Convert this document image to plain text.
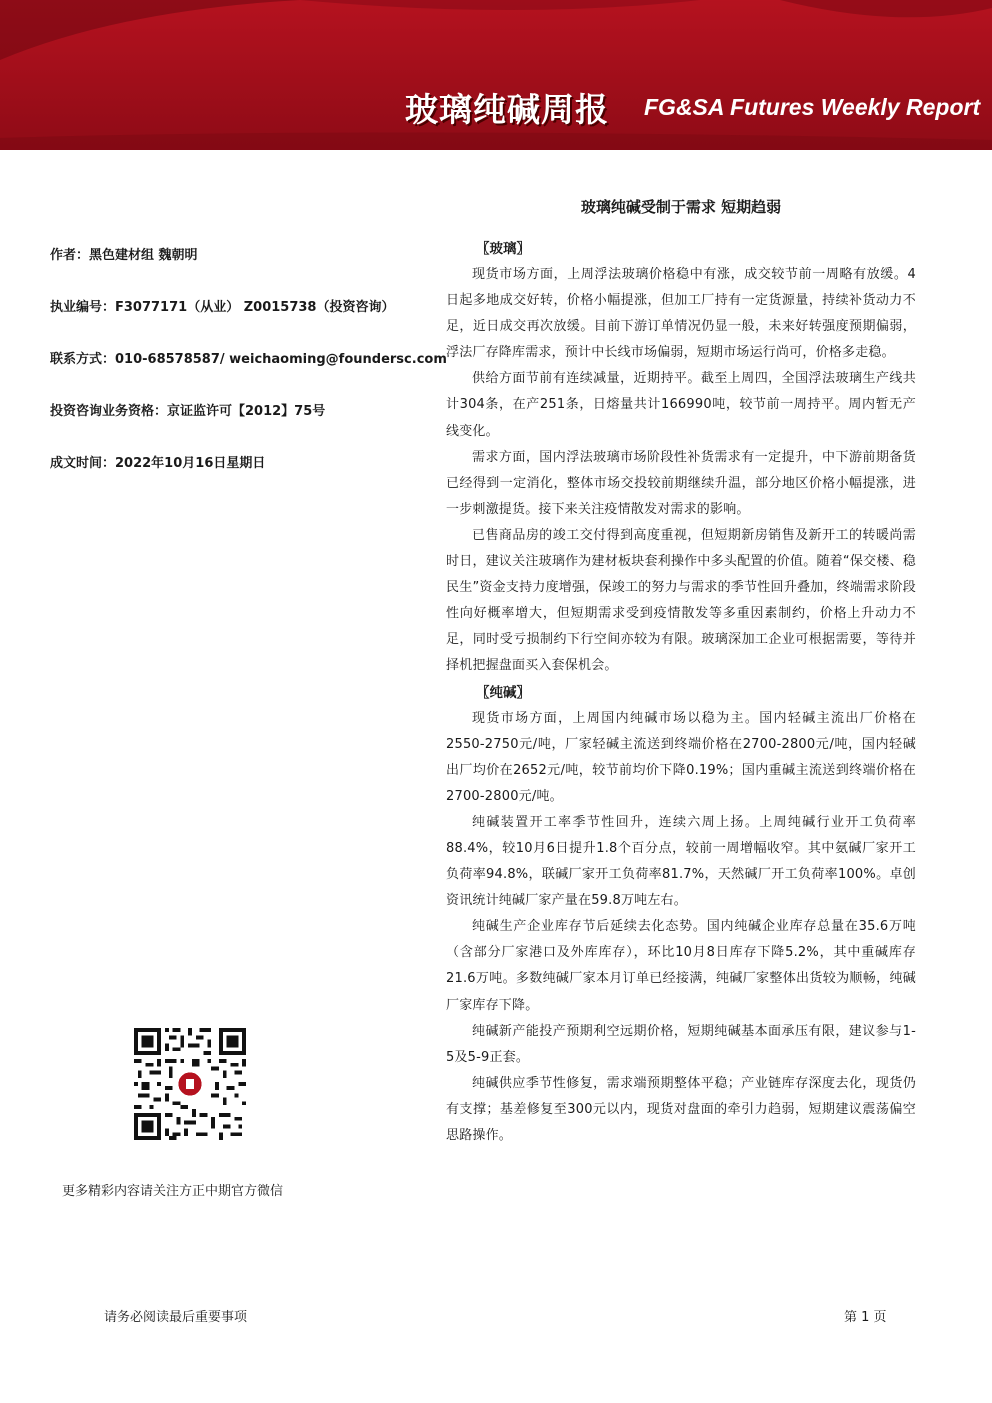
玻璃纯碱周报	FG&SA Futures Weekly Report
玻璃纯碱受制于需求 短期趋弱
作者：黑色建材组 魏朝明
执业编号：F3077171（从业） Z0015738（投资咨询）
联系方式：010-68578587/ weichaoming@foundersc.com
投资咨询业务资格：京证监许可【2012】75号
成文时间：2022年10月16日星期日
更多精彩内容请关注方正中期官方微信
〖玻璃〗

现货市场方面，上周浮法玻璃价格稳中有涨，成交较节前一周略有放缓。4日起多地成交好转，价格小幅提涨，但加工厂持有一定货源量，持续补货动力不足，近日成交再次放缓。目前下游订单情况仍显一般，未来好转强度预期偏弱，浮法厂存降库需求，预计中长线市场偏弱，短期市场运行尚可，价格多走稳。

供给方面节前有连续减量，近期持平。截至上周四，全国浮法玻璃生产线共计304条，在产251条，日熔量共计166990吨，较节前一周持平。周内暂无产线变化。

需求方面，国内浮法玻璃市场阶段性补货需求有一定提升，中下游前期备货已经得到一定消化，整体市场交投较前期继续升温，部分地区价格小幅提涨，进一步刺激提货。接下来关注疫情散发对需求的影响。

已售商品房的竣工交付得到高度重视，但短期新房销售及新开工的转暖尚需时日，建议关注玻璃作为建材板块套利操作中多头配置的价值。随着“保交楼、稳民生”资金支持力度增强，保竣工的努力与需求的季节性回升叠加，终端需求阶段性向好概率增大，但短期需求受到疫情散发等多重因素制约，价格上升动力不足，同时受亏损制约下行空间亦较为有限。玻璃深加工企业可根据需要，等待并择机把握盘面买入套保机会。

〖纯碱〗

现货市场方面，上周国内纯碱市场以稳为主。国内轻碱主流出厂价格在2550-2750元/吨，厂家轻碱主流送到终端价格在2700-2800元/吨，国内轻碱出厂均价在2652元/吨，较节前均价下降0.19%；国内重碱主流送到终端价格在2700-2800元/吨。

纯碱装置开工率季节性回升，连续六周上扬。上周纯碱行业开工负荷率88.4%，较10月6日提升1.8个百分点，较前一周增幅收窄。其中氨碱厂家开工负荷率94.8%，联碱厂家开工负荷率81.7%，天然碱厂开工负荷率100%。卓创资讯统计纯碱厂家产量在59.8万吨左右。

纯碱生产企业库存节后延续去化态势。国内纯碱企业库存总量在35.6万吨（含部分厂家港口及外库库存），环比10月8日库存下降5.2%，其中重碱库存21.6万吨。多数纯碱厂家本月订单已经接满，纯碱厂家整体出货较为顺畅，纯碱厂家库存下降。

纯碱新产能投产预期利空远期价格，短期纯碱基本面承压有限，建议参与1-5及5-9正套。

纯碱供应季节性修复，需求端预期整体平稳；产业链库存深度去化，现货仍有支撑；基差修复至300元以内，现货对盘面的牵引力趋弱，短期建议震荡偏空思路操作。

请务必阅读最后重要事项	第 1 页
